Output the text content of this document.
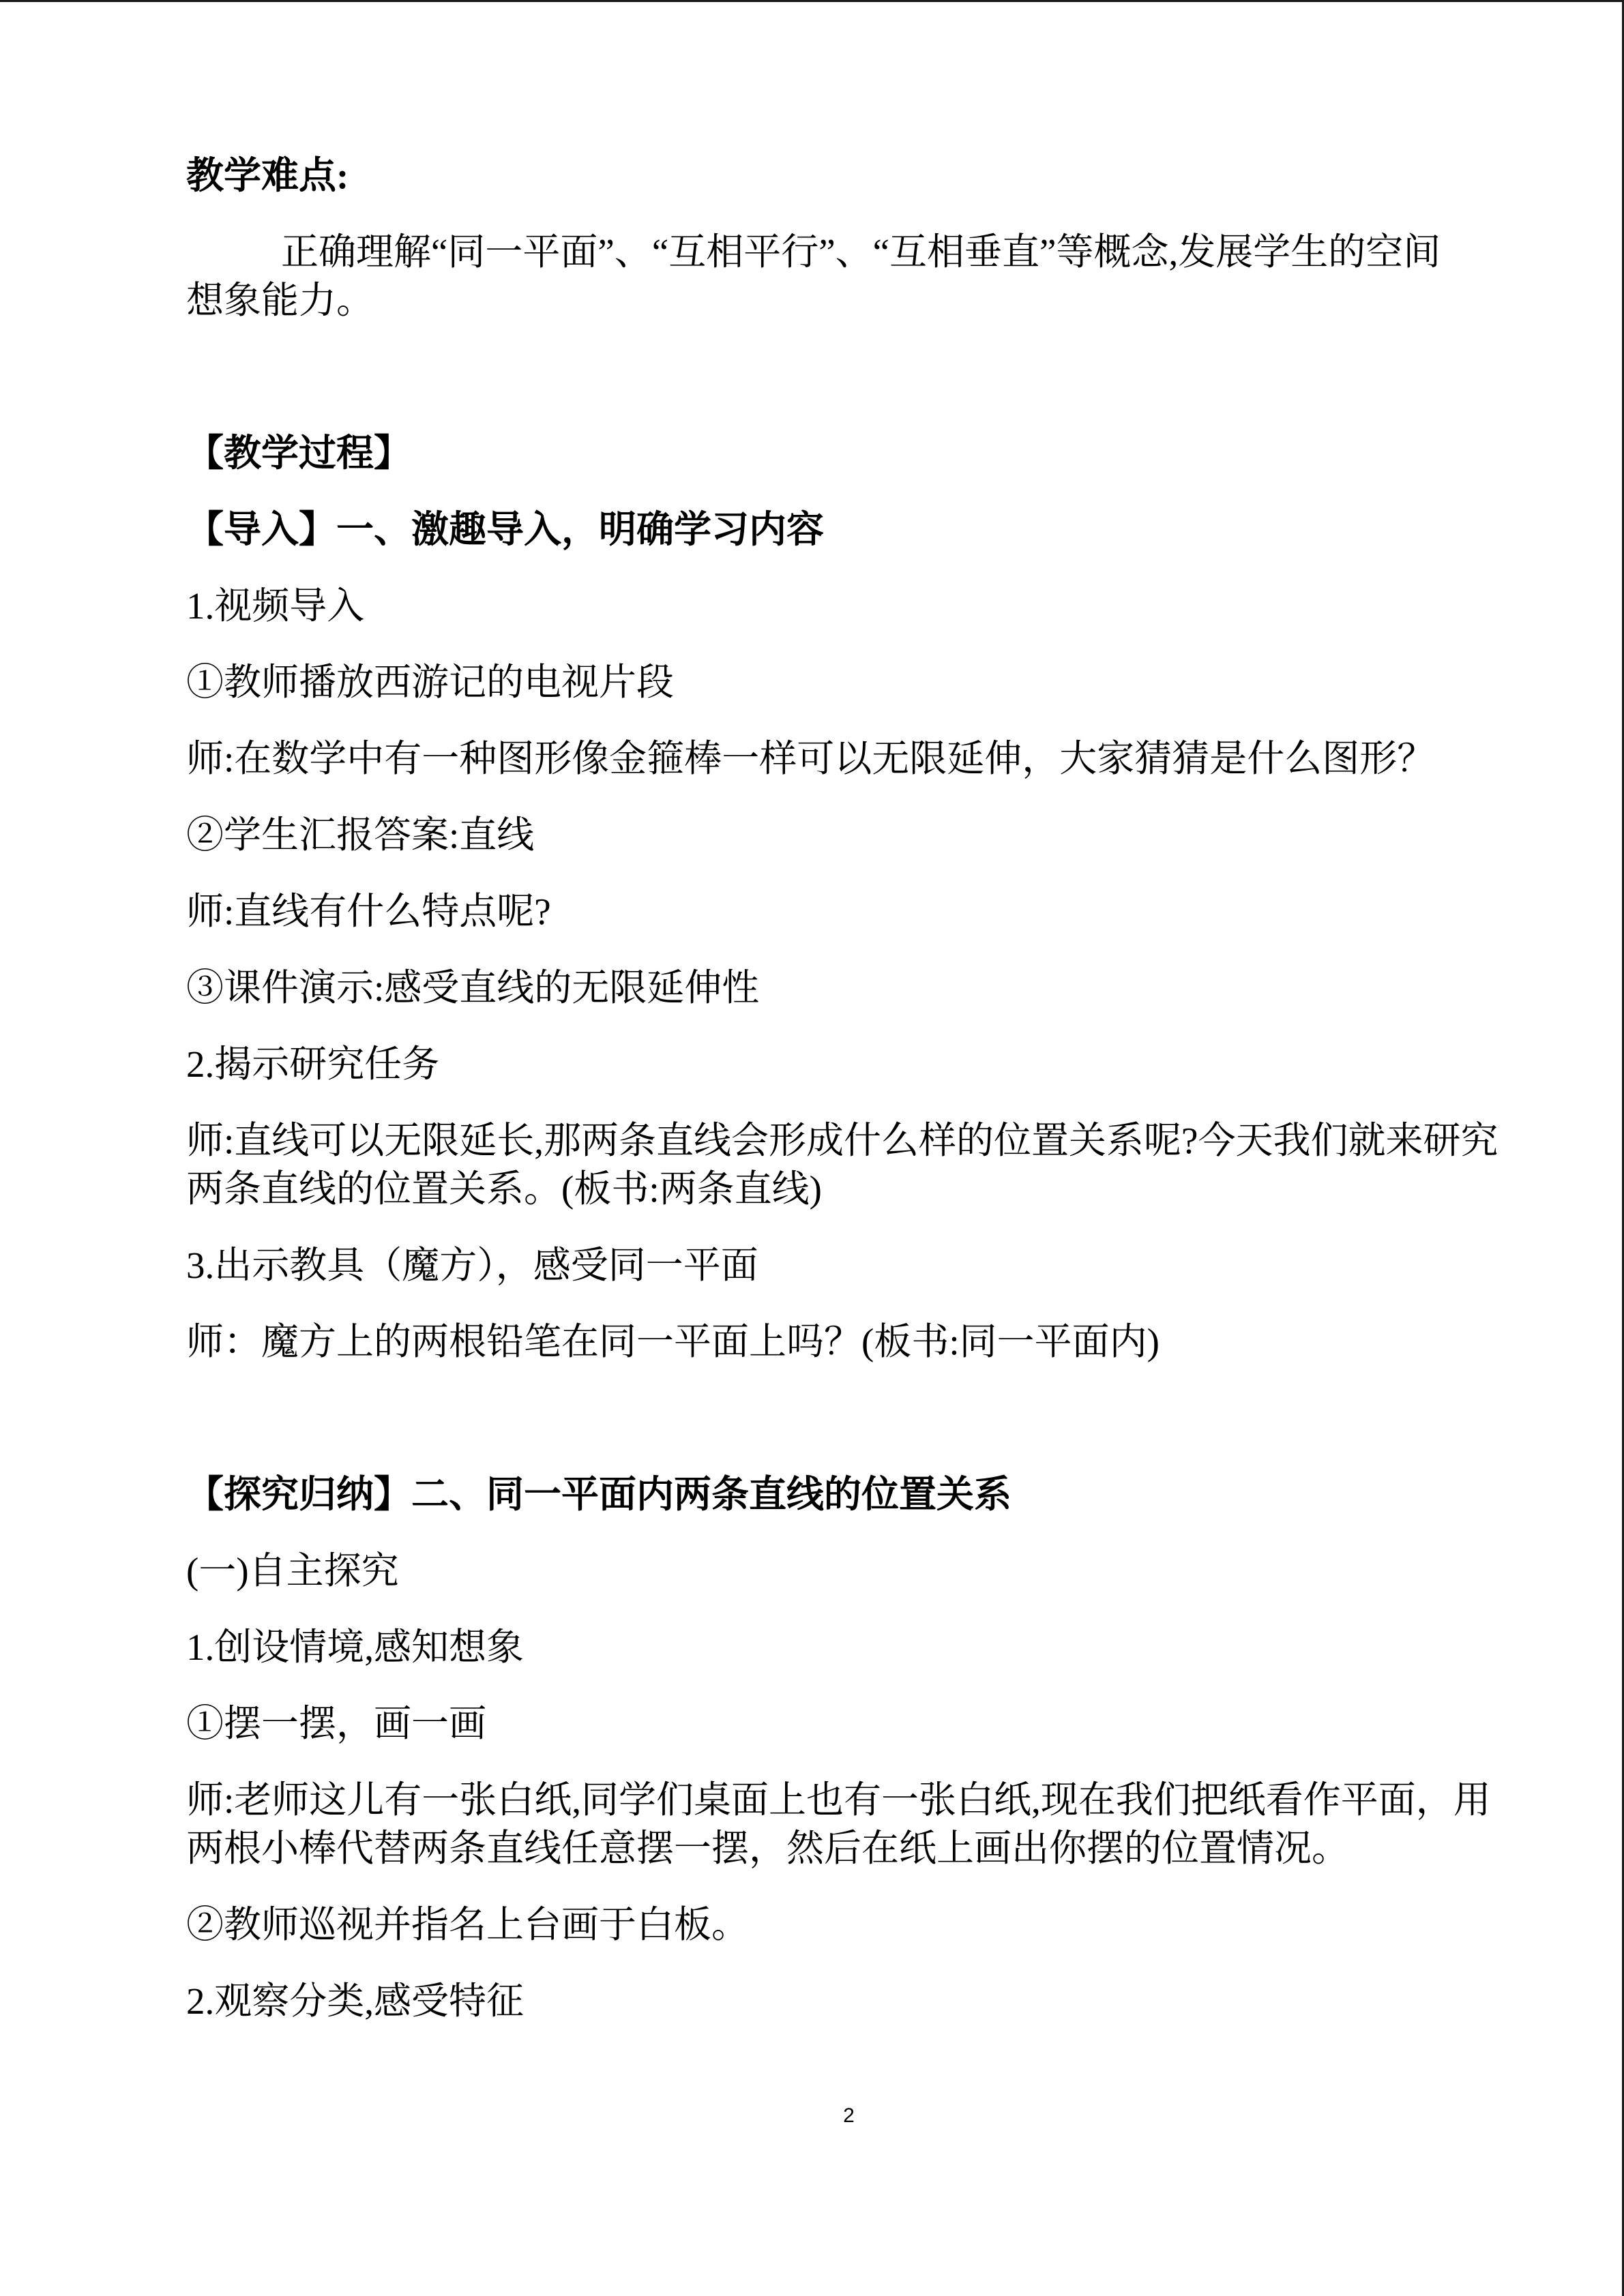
教学难点:

正确理解“同一平面”、“互相平行”、“互相垂直”等概念,发展学生的空间
想象能力。

【教学过程】

【导入】一、激趣导入，明确学习内容

1.视频导入

①教师播放西游记的电视片段

师:在数学中有一种图形像金箍棒一样可以无限延伸，大家猜猜是什么图形？

②学生汇报答案:直线

师:直线有什么特点呢?

③课件演示:感受直线的无限延伸性

2.揭示研究任务

师:直线可以无限延长,那两条直线会形成什么样的位置关系呢?今天我们就来研究
两条直线的位置关系。(板书:两条直线)

3.出示教具（魔方），感受同一平面

师：魔方上的两根铅笔在同一平面上吗？(板书:同一平面内)

【探究归纳】二、同一平面内两条直线的位置关系

(一)自主探究

1.创设情境,感知想象

①摆一摆，画一画

师:老师这儿有一张白纸,同学们桌面上也有一张白纸,现在我们把纸看作平面，用
两根小棒代替两条直线任意摆一摆，然后在纸上画出你摆的位置情况。

②教师巡视并指名上台画于白板。

2.观察分类,感受特征

2
